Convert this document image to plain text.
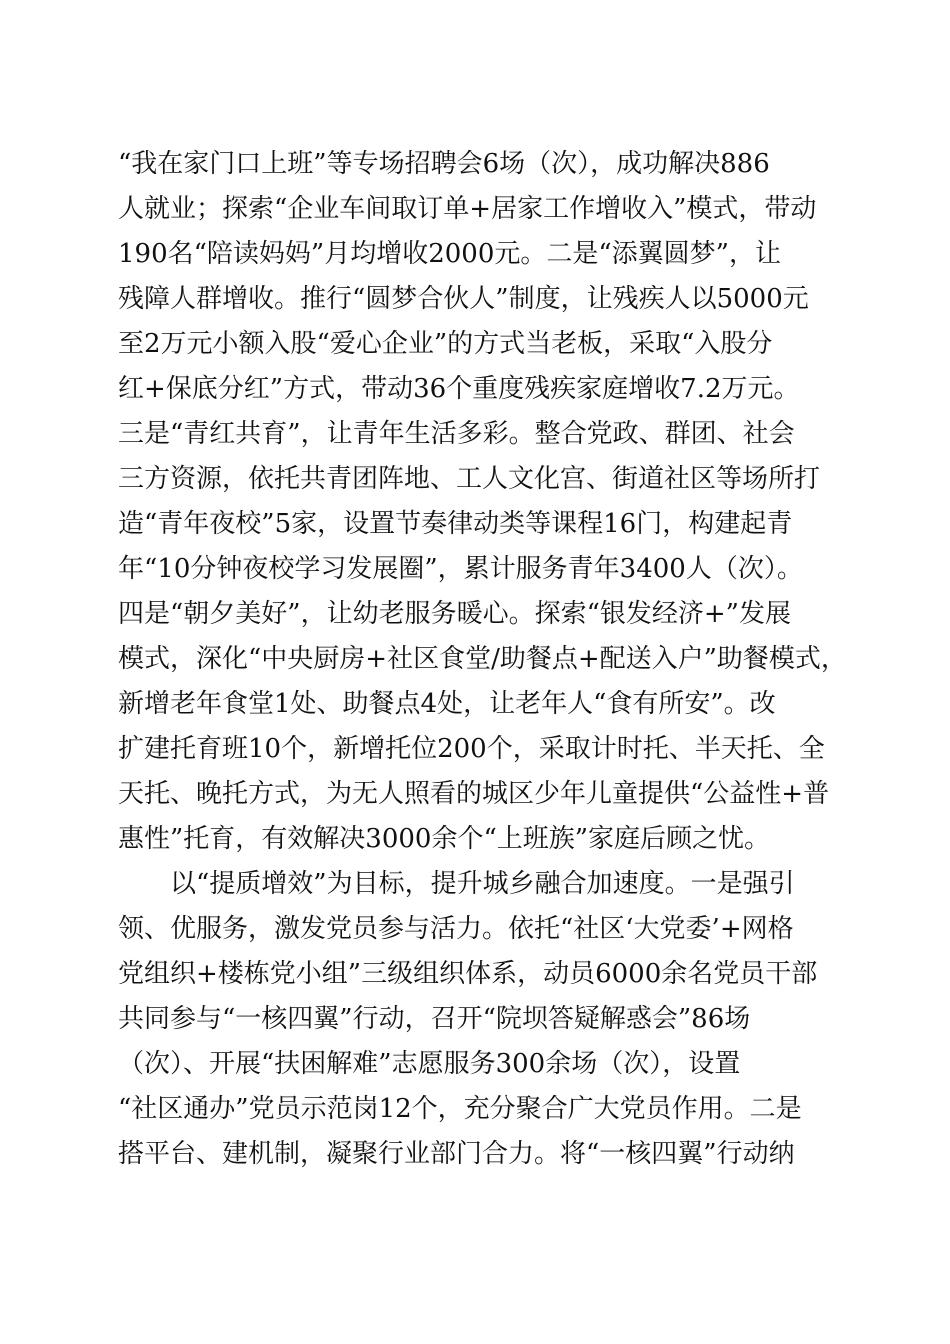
“我在家门口上班”等专场招聘会6场（次），成功解决886
人就业；探索“企业车间取订单+居家工作增收入”模式，带动
190名“陪读妈妈”月均增收2000元。二是“添翼圆梦”，让
残障人群增收。推行“圆梦合伙人”制度，让残疾人以5000元
至2万元小额入股“爱心企业”的方式当老板，采取“入股分
红+保底分红”方式，带动36个重度残疾家庭增收7.2万元。
三是“青红共育”，让青年生活多彩。整合党政、群团、社会
三方资源，依托共青团阵地、工人文化宫、街道社区等场所打
造“青年夜校”5家，设置节奏律动类等课程16门，构建起青
年“10分钟夜校学习发展圈”，累计服务青年3400人（次）。
四是“朝夕美好”，让幼老服务暖心。探索“银发经济+”发展
模式，深化“中央厨房+社区食堂/助餐点+配送入户”助餐模式，
新增老年食堂1处、助餐点4处，让老年人“食有所安”。改
扩建托育班10个，新增托位200个，采取计时托、半天托、全
天托、晚托方式，为无人照看的城区少年儿童提供“公益性+普
惠性”托育，有效解决3000余个“上班族”家庭后顾之忧。
　　以“提质增效”为目标，提升城乡融合加速度。一是强引
领、优服务，激发党员参与活力。依托“社区‘大党委’+网格
党组织+楼栋党小组”三级组织体系，动员6000余名党员干部
共同参与“一核四翼”行动，召开“院坝答疑解惑会”86场
（次）、开展“扶困解难”志愿服务300余场（次），设置
“社区通办”党员示范岗12个，充分聚合广大党员作用。二是
搭平台、建机制，凝聚行业部门合力。将“一核四翼”行动纳
